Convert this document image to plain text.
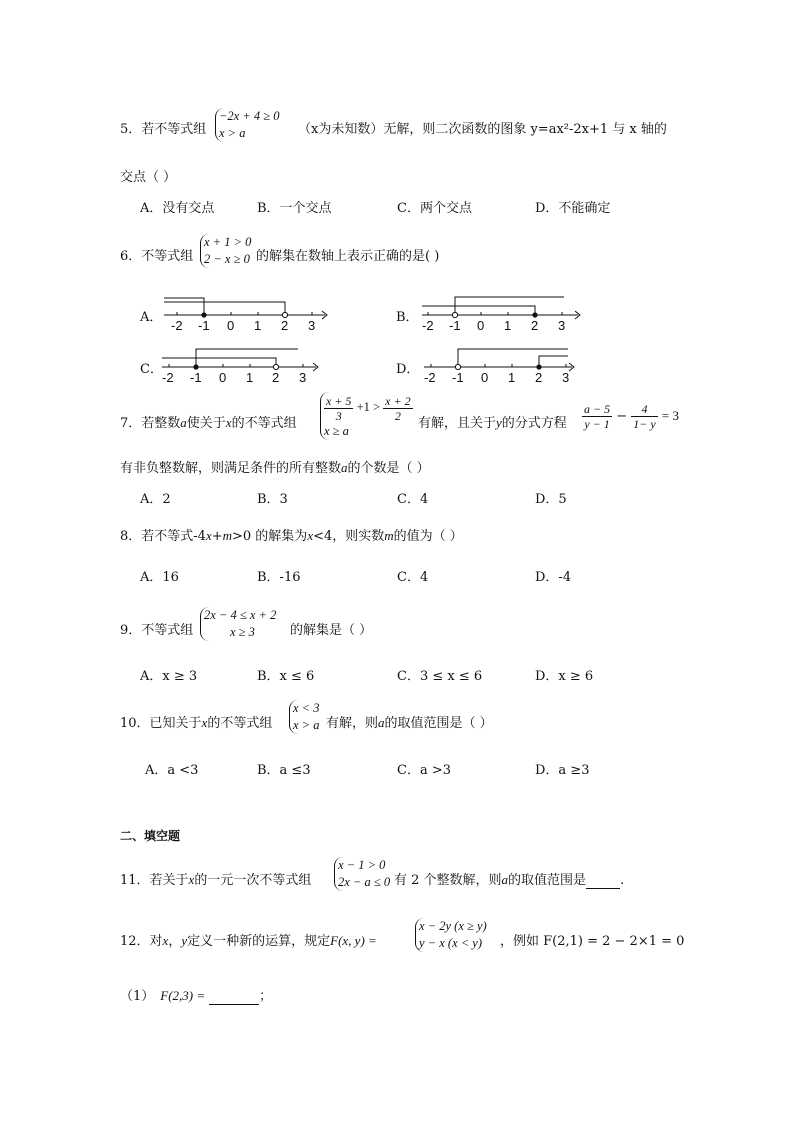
5．若不等式组
−2x + 4 ≥ 0
x > a	（x为未知数）无解，则二次函数的图象 y=ax²-2x+1 与 x 轴的
交点（ ）
A．没有交点	B．一个交点	C．两个交点	D．不能确定
6．不等式组
x + 1 > 0
2 − x ≥ 0 的解集在数轴上表示正确的是( )
A．
-2 -1 0 1 2 3
B．
-2 -1 0 1 2 3
C．
-2 -1 0 1 2 3
D．
-2 -1 0 1 2 3
7．若整数a使关于x的不等式组
$\frac{x + 5}{3} +1 > \frac{x + 2}{2}$
x ≥ a	有解，且关于y的分式方程 $\frac{a - 5}{y - 1} - \frac{4}{1- y} = 3$
有非负整数解，则满足条件的所有整数a的个数是（ ）
A．2	B．3	C．4	D．5
8．若不等式-4x+m>0 的解集为x<4，则实数m的值为（ ）
A．16	B．-16	C．4	D．-4
9．不等式组
2x − 4 ≤ x + 2
x ≥ 3	的解集是（ ）
A．x ≥ 3	B．x ≤ 6	C．3 ≤ x ≤ 6	D．x ≥ 6
10．已知关于x的不等式组
x < 3
x > a 有解，则a的取值范围是（ ）
A．a <3	B．a ≤3	C．a >3	D．a ≥3
二、填空题
11．若关于x的一元一次不等式组
x − 1 > 0
2x − a ≤ 0 有 2 个整数解，则a的取值范围是	.
12．对x，y定义一种新的运算，规定F(x, y) =
x − 2y (x ≥ y)
y − x (x < y)	，例如 F(2,1) = 2 − 2×1 = 0
（1） F(2,3) =	；
